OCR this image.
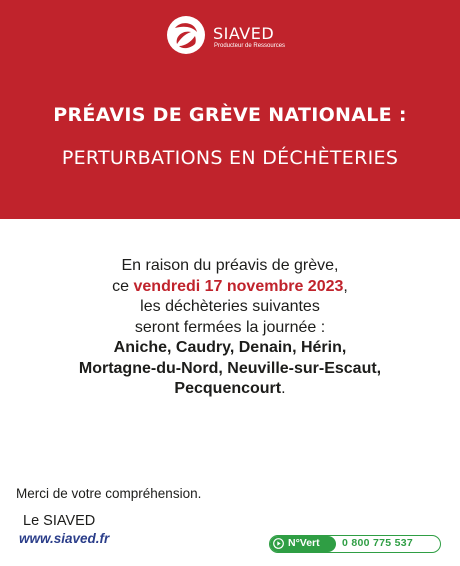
SIAVED
Producteur de Ressources
PRÉAVIS DE GRÈVE NATIONALE :
PERTURBATIONS EN DÉCHÈTERIES
En raison du préavis de grève,
ce vendredi 17 novembre 2023,
les déchèteries suivantes
seront fermées la journée :
Aniche, Caudry, Denain, Hérin,
Mortagne-du-Nord, Neuville-sur-Escaut,
Pecquencourt.
Merci de votre compréhension.
Le SIAVED
www.siaved.fr	N°Vert 0 800 775 537
